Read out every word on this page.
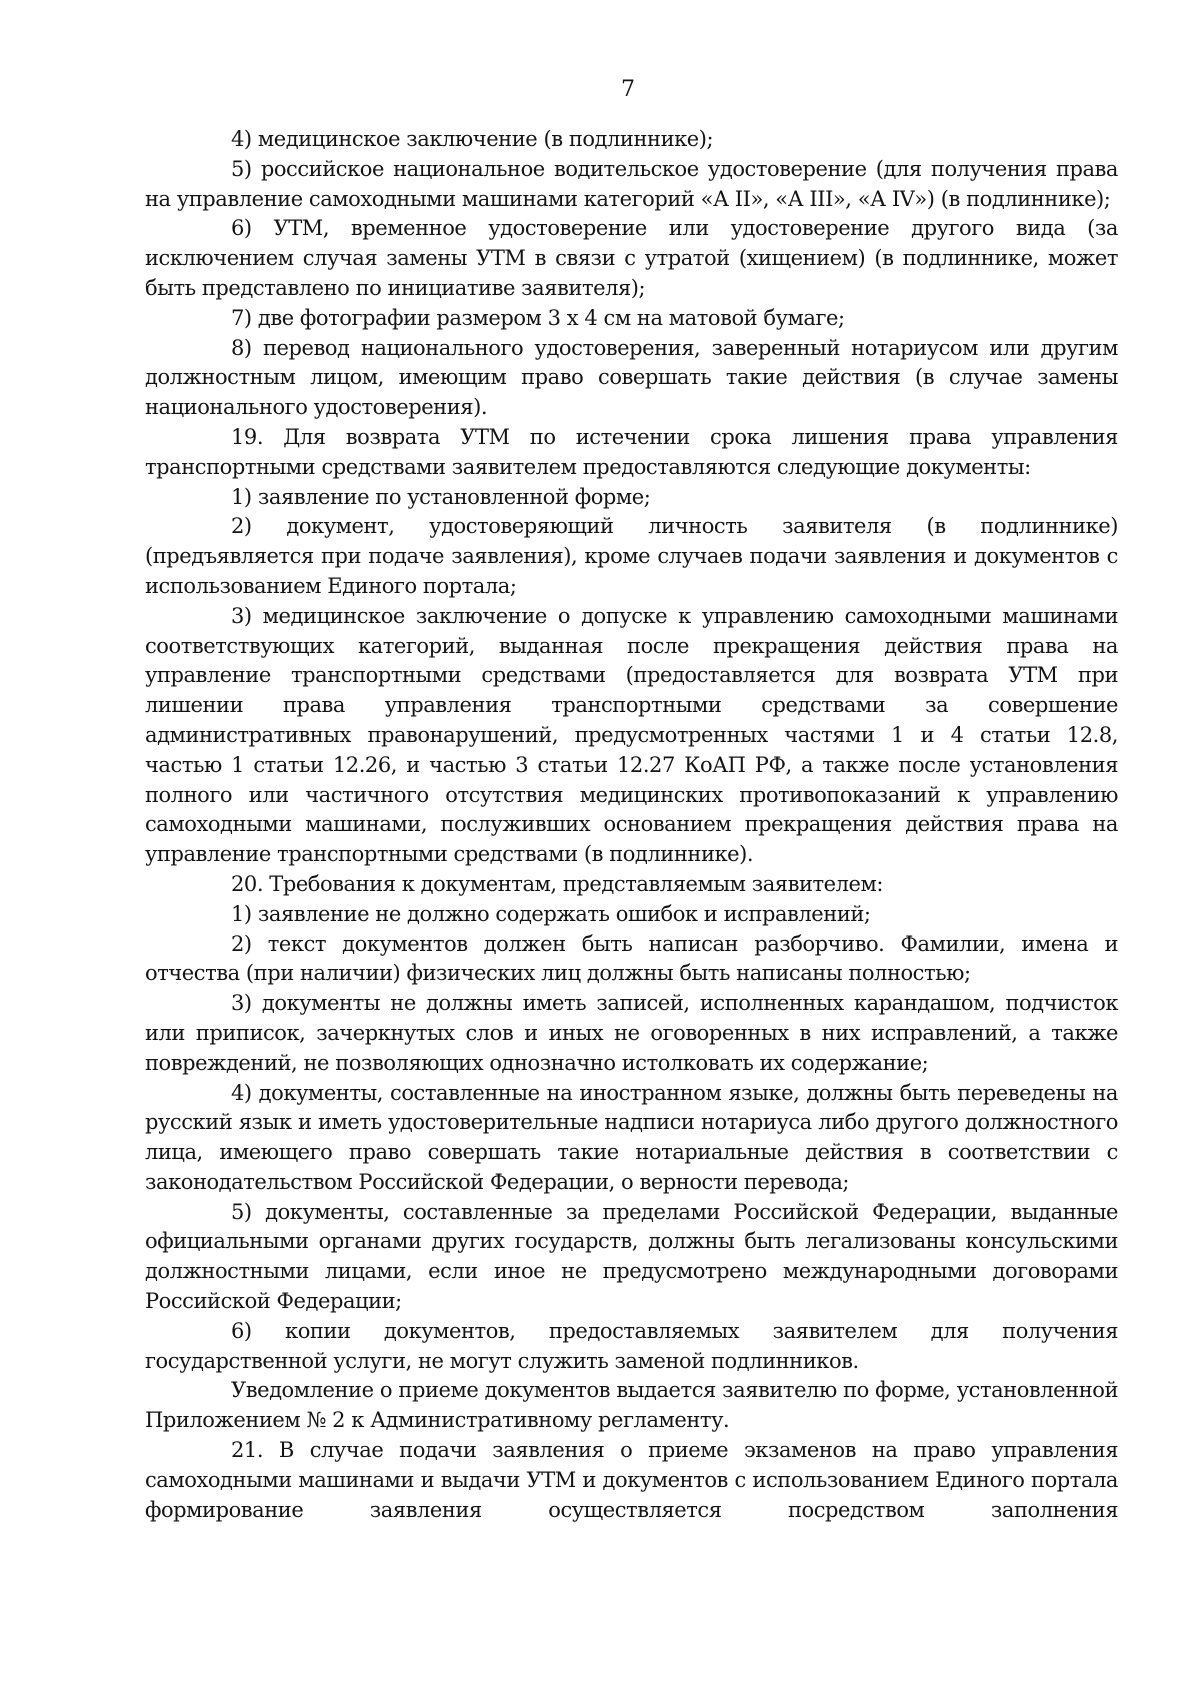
7

4) медицинское заключение (в подлиннике);

5) российское национальное водительское удостоверение (для получения права на управление самоходными машинами категорий «А II», «А III», «А IV») (в подлиннике);

6) УТМ, временное удостоверение или удостоверение другого вида (за исключением случая замены УТМ в связи с утратой (хищением) (в подлиннике, может быть представлено по инициативе заявителя);

7) две фотографии размером 3 х 4 см на матовой бумаге;

8) перевод национального удостоверения, заверенный нотариусом или другим должностным лицом, имеющим право совершать такие действия (в случае замены национального удостоверения).

19. Для возврата УТМ по истечении срока лишения права управления транспортными средствами заявителем предоставляются следующие документы:

1) заявление по установленной форме;

2) документ, удостоверяющий личность заявителя (в подлиннике) (предъявляется при подаче заявления), кроме случаев подачи заявления и документов с использованием Единого портала;

3) медицинское заключение о допуске к управлению самоходными машинами соответствующих категорий, выданная после прекращения действия права на управление транспортными средствами (предоставляется для возврата УТМ при лишении права управления транспортными средствами за совершение административных правонарушений, предусмотренных частями 1 и 4 статьи 12.8, частью 1 статьи 12.26, и частью 3 статьи 12.27 КоАП РФ, а также после установления полного или частичного отсутствия медицинских противопоказаний к управлению самоходными машинами, послуживших основанием прекращения действия права на управление транспортными средствами (в подлиннике).

20. Требования к документам, представляемым заявителем:

1) заявление не должно содержать ошибок и исправлений;

2) текст документов должен быть написан разборчиво. Фамилии, имена и отчества (при наличии) физических лиц должны быть написаны полностью;

3) документы не должны иметь записей, исполненных карандашом, подчисток или приписок, зачеркнутых слов и иных не оговоренных в них исправлений, а также повреждений, не позволяющих однозначно истолковать их содержание;

4) документы, составленные на иностранном языке, должны быть переведены на русский язык и иметь удостоверительные надписи нотариуса либо другого должностного лица, имеющего право совершать такие нотариальные действия в соответствии с законодательством Российской Федерации, о верности перевода;

5) документы, составленные за пределами Российской Федерации, выданные официальными органами других государств, должны быть легализованы консульскими должностными лицами, если иное не предусмотрено международными договорами Российской Федерации;

6) копии документов, предоставляемых заявителем для получения государственной услуги, не могут служить заменой подлинников.

Уведомление о приеме документов выдается заявителю по форме, установленной Приложением № 2 к Административному регламенту.

21. В случае подачи заявления о приеме экзаменов на право управления самоходными машинами и выдачи УТМ и документов с использованием Единого портала формирование заявления осуществляется посредством заполнения
